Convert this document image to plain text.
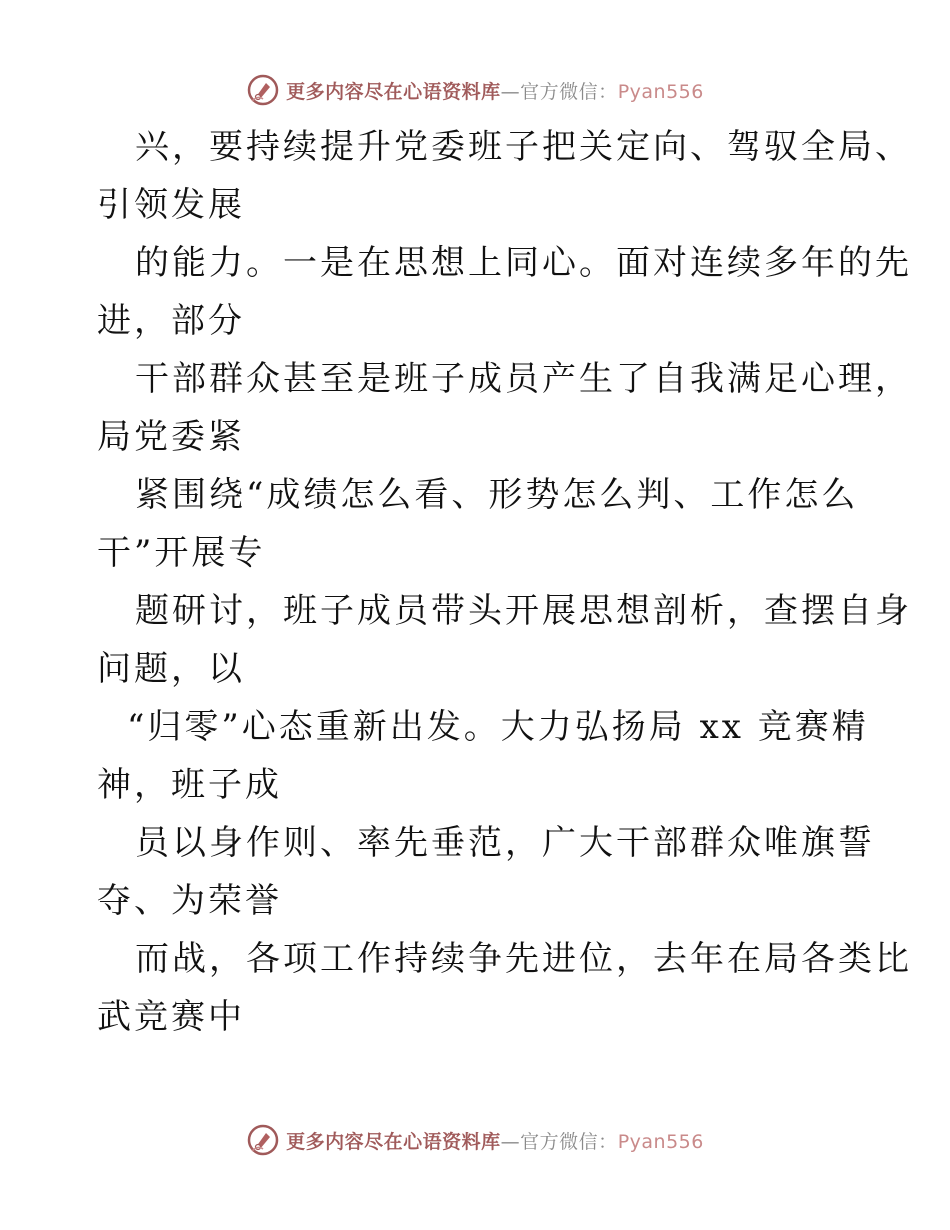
更多内容尽在心语资料库—官方微信：Pyan556
兴，要持续提升党委班子把关定向、驾驭全局、
引领发展
的能力。一是在思想上同心。面对连续多年的先
进，部分
干部群众甚至是班子成员产生了自我满足心理，
局党委紧
紧围绕“成绩怎么看、形势怎么判、工作怎么
干”开展专
题研讨，班子成员带头开展思想剖析，查摆自身
问题，以
“归零”心态重新出发。大力弘扬局 xx 竞赛精
神，班子成
员以身作则、率先垂范，广大干部群众唯旗誓
夺、为荣誉
而战，各项工作持续争先进位，去年在局各类比
武竞赛中
更多内容尽在心语资料库—官方微信：Pyan556
